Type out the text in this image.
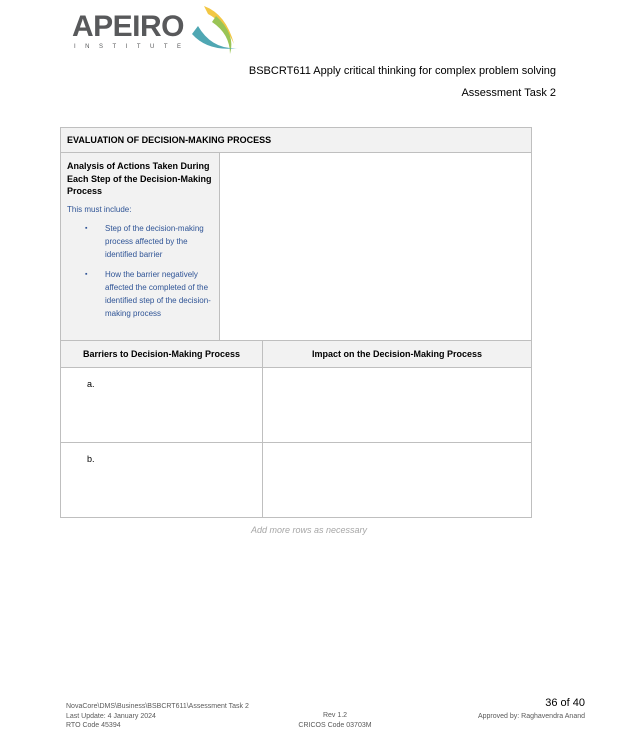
APEIRO
INSTITUTE
BSBCRT611 Apply critical thinking for complex problem solving
Assessment Task 2
EVALUATION OF DECISION-MAKING PROCESS
Analysis of Actions Taken During Each Step of the Decision-Making Process
This must include:
▪ Step of the decision-making process affected by the identified barrier
▪ How the barrier negatively affected the completed of the identified step of the decision-making process
Barriers to Decision-Making Process	Impact on the Decision-Making Process
a.
b.
Add more rows as necessary
NovaCore\DMS\Business\BSBCRT611\Assessment Task 2
Last Update: 4 January 2024
RTO Code 45394
Rev 1.2
CRICOS Code 03703M
36 of 40
Approved by: Raghavendra Anand
